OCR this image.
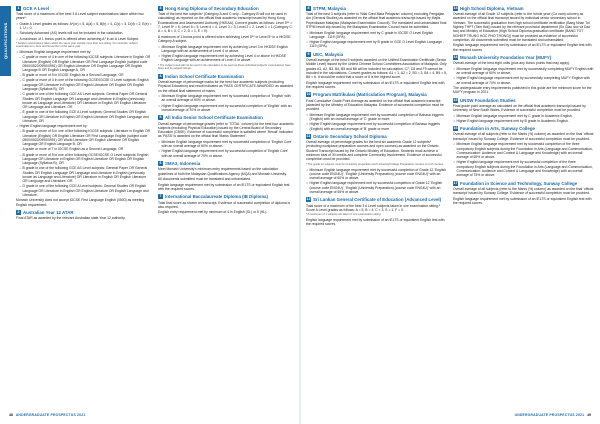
QUALIFICATIONS
1 GCE A Level
Total score of a maximum of the best 3 A Level subject examinations taken within two years*:
• Grade A Level grades as follows: A*(or) = 5, A(a) = 5, B(b) = 4, C(c) = 3, D(d) = 2, E(e) = 1, U = 0.
• Scholarly Advanced (AS) levels will not be included in the calculation.
• A maximum of 1 bonus point is offered when achieving A* in an A Level Subject.
* Subject examinations taken within the same year include more than one sitting. For example: subject examinations in June and November of the same year.
• Minimum English language requirement met by:
– C grade or more of 4 in one of the following IGCSE subjects: Literature in English OR Literature (English) OR English Literature OR First Language English (subject code 0500/0522/0990/0991) OR English Literature OR English Language OR English Language B OR English Language A, OR
– B grade or more of 5 in IGCSE English as a Second Language, OR
– C grade or more of 4 in one of the following GCSE/IGCSE O Level subjects: English Language OR Literature in English OR English Literature OR English OR English Language (Syllabus B), OR
– C grade in one of the following GCE AS Level subjects: General Paper OR General Studies OR English Language OR Language and Literature in English (previously known as Language and Literature) OR Literature in English OR English Literature OR Language and Literature, OR
– E grade in one of the following GCE A Level subjects: General Studies OR English Language OR Literature in English OR English Literature OR English Language and Literature, OR
• Higher English language requirement met by:
– B grade or more of 5 in one of the following IGCSE subjects: Literature in English OR Literature (English) OR English Literature OR First Language English (subject code 0500/0522/0990/0991) OR World Literature OR English Literature OR English Language OR English Language B, OR
– A grade or more of 7 in IGCSE English as a Second Language, OR
– B grade or more of 5 in one of the following GCSE/IGCSE O Level subjects: English Language OR Literature in English OR English Literature OR English OR English Language (Syllabus B), OR
– B grade in one of the following GCE AS Level subjects: General Paper OR General Studies OR English Language OR Language and Literature in English (previously known as Language and Literature) OR Literature in English OR English Literature OR Language and Literature, OR
– D grade in one of the following GCE A Level subjects: General Studies OR English Language OR Literature in English OR English Literature OR English Language and Literature.
Monash University does not accept IGCSE First Language English (0500) as meeting English requirement.
2 Australian Year 12 ATAR
Final ATAR as awarded by the relevant Australian state Year 12 authority.
3 Hong Kong Diploma of Secondary Education
Total of the best five subjects* (Category A and C only - Category B will not be used in calculating) as reported on the official final academic transcript issued by Hong Kong Examinations and Assessment Authority (HKEAA). Convert grades as follows: Level 5** = 7, Level 5* = 6, Level 5 = 5, Level 4 = 4, Level 3 = 3, Level 2 = 2, Level 1 = 1 (Category C: A = 4, B = 3, C = 2, D = 1, E = 0).
A maximum of 1 bonus point is offered when achieving Level 5** or Level 5* in a HKDSE Category A subject.
• Minimum English language requirement met by achieving Level 3 in HKDSE English Language with an achievement of Level 4 or above.
• Higher English language requirement met by achieving Level 4 or above in HKDSE English Language with an achievement of Level 4 or above.
* The subject used will not be used in the calculation to be used as these individual subjects' examinations have been and its subject ratings.
4 Indian School Certificate Examination
Overall average of percentage marks for the best four academic subjects (excluding Physical Education) and result indicated as 'PASS CERTIFICATE AWARDED' as awarded on the official final statement of marks.
• Minimum English language requirement met by successful completion of 'English' with an overall average of 60% or above.
• Higher English language requirement met by successful completion of 'English' with an overall average of 70% or above.
5 All India Senior School Certificate Examination
Overall average of percentage grades (refer to 'TOTAL' column) for the best four academic subjects (excluding Physical Education) issued by the Central Board of Secondary Education (CBSE). Evidence of successful completion is satisfied where 'Result' indicated as 'PASS' is awarded on the official final 'Marks Statement'.
• Minimum English language requirement met by successful completion of 'English Core' with an overall average of 60% or above.
• Higher English language requirement met by successful completion of 'English Core' with an overall average of 70% or above.
6 SMA3, Indonesia
Meet Monash University's minimum entry requirements based on the calculation guidelines of both the Malaysian Qualifications Agency (MQA) and Monash University.
All documents submitted must be translated and untranslated.
English language requirement met by submission of an IELTS or equivalent English test with the required scores.
7 International Baccalaureate Diploma (IB Diploma)
Total final score as shown on transcript. Evidence of successful completion of diploma is also required.
English entry requirement met by minimum of 4 in English (SL) or 5 (HL).
8 STPM, Malaysia
Total of the best 3 subjects (refer to 'Nilai Gred Mata Pelajaran' column) excluding Pengajian Am (General Studies) as awarded on the official final academic transcript issued by Majlis Peperiksaan Malaysia (Malaysian Examination Council). The translated and untranslated final STPM result slip issued by the Malaysian Examination Council must be submitted.
• Minimum English language requirement met by C grade in IGCSE O Level English Language - 1119 (GPA).
• Higher English language requirement met by B grade in GCE O Level English Language - 1119 (GPA).
9 UEC, Malaysia
Overall average of the best 5 subjects awarded on the Unified Examination Certificate (Senior Middle Level) issued by the United Chinese School Committees Association of Malaysia. Only grades A1, A2, B3, B4, B5 and B6 will be included for calculation. C7, C8 and F9 cannot be included in the calculations. Convert grades as follows: A1 = 1, A2 = 2, B3 = 3, B4 = 4, B5 = 5, B6 = 6. It should be noted that a score of 6 is the highest score.
English language requirement met by submission of an IELTS or equivalent English test with the required scores.
10 Program Matrikulasi (Matriculation Program), Malaysia
Final Cumulative Grade Point Average as awarded on the official final academic transcript (awarded by the Ministry of Education Malaysia. Evidence of successful completion must be provided.
• Minimum English language requirement met by successful completion of Bahasa Inggeris (English) with an overall average of 'C' grade or more.
• Higher English language requirement met by successful completion of Bahasa Inggeris (English) with an overall average of 'B' grade or more.
11 Ontario Secondary School Diploma
Overall average of percentage grades for the best six academic Grade 12 subjects* (excluding workplace preparation courses and open courses) as awarded on the Ontario Student Transcript issued by the Ontario Ministry of Education. Students must achieve a minimum total of 30 credits and complete Community Involvement. Evidence of successful completion must be provided.
* The grade 12 subjects must be University preparation and University/College Preparation courses U or M courses.
• Minimum English language requirement met by successful completion of Grade 12 'English (course code ENG4U)', 'English (University Preparation) (course code ENG4U)' with an overall average of 60% or above.
• Higher English language requirement met by successful completion of Grade 12 'English (course code ENG4U)', 'English (University Preparation) (course code ENG4U)' with an overall average of 65% or above.
12 Sri Lankan General Certificate of Education (Advanced Level)
Total score of a maximum of the best 3 A Level subjects taken in one examination sitting.* Score A Level grades as follows: A = 5, B = 4, C = 3, S = 1, F = 0.
* A maximum of 1 subjects are taken in one examination sitting.
English language requirement met by submission of an IELTS or equivalent English test with the required scores.
13 High School Diploma, Vietnam
Overall average of all Grade 12 subjects (refer to the 'whole year' (Ca nam) column) as awarded on the official final transcript issued by individual senior secondary school in Vietnam. The successful graduation from high school certificate verification (Bang Nhan Tot Nghiep THPT (Tam thoi)) issued by the relevant provincial department (So Giao duc va Dao tao) and Ministry of Education (High School Diploma graduation certificate (BANG TOT NGHIEP TRUNG HOC PHO THONG)) must be provided as evidence of successful completion. All documents submitted must be translated and untranslated.
English language requirement met by submission of an IELTS or equivalent English test with the required scores.
14 Monash University Foundation Year (MUFY)
Overall average of the best eight units (plus any bonus points that may apply).
• Minimum English language requirement met by successfully completing MUFY English with an overall average of 60% or above.
• Higher English language requirement met by successfully completing MUFY English with an overall average of 70% or above.
The undergraduate entry requirements published in this guide are the minimum score for the MUFY program in 2021.
15 UNSW Foundation Studies
Final grade point average as calculated on the official final academic transcript issued by University of New South Wales. Evidence of successful completion must be provided.
• Minimum English language requirement met by C grade in Academic English.
• Higher English language requirement met by B grade in Academic English.
16 Foundation in Arts, Sunway College
Overall average of all subjects (refer to the Marks (%) column) as awarded on the final 'official transcript' issued by Sunway College. Evidence of successful completion must be provided.
• Minimum English language requirement met by successful completion of the three compulsory English subjects during the Foundation in Arts (Language and Communication, Communication: Audience and Context & Language and Knowledge) with an overall average of 65% or above.
• Higher English language requirement met by successful completion of the three compulsory English subjects during the Foundation in Arts (Language and Communication, Communication: Audience and Context & Language and Knowledge) with an overall average of 75% or above.
17 Foundation in Science and Technology, Sunway College
Overall average of all subjects (refer to the Marks (%) column) as awarded on the final 'official transcript' issued by Sunway College. Evidence of successful completion must be provided.
English language requirement met by submission of an IELTS or equivalent English test with the required scores.
48 UNDERGRADUATE PROSPECTUS 2021	UNDERGRADUATE PROSPECTUS 2021 49
